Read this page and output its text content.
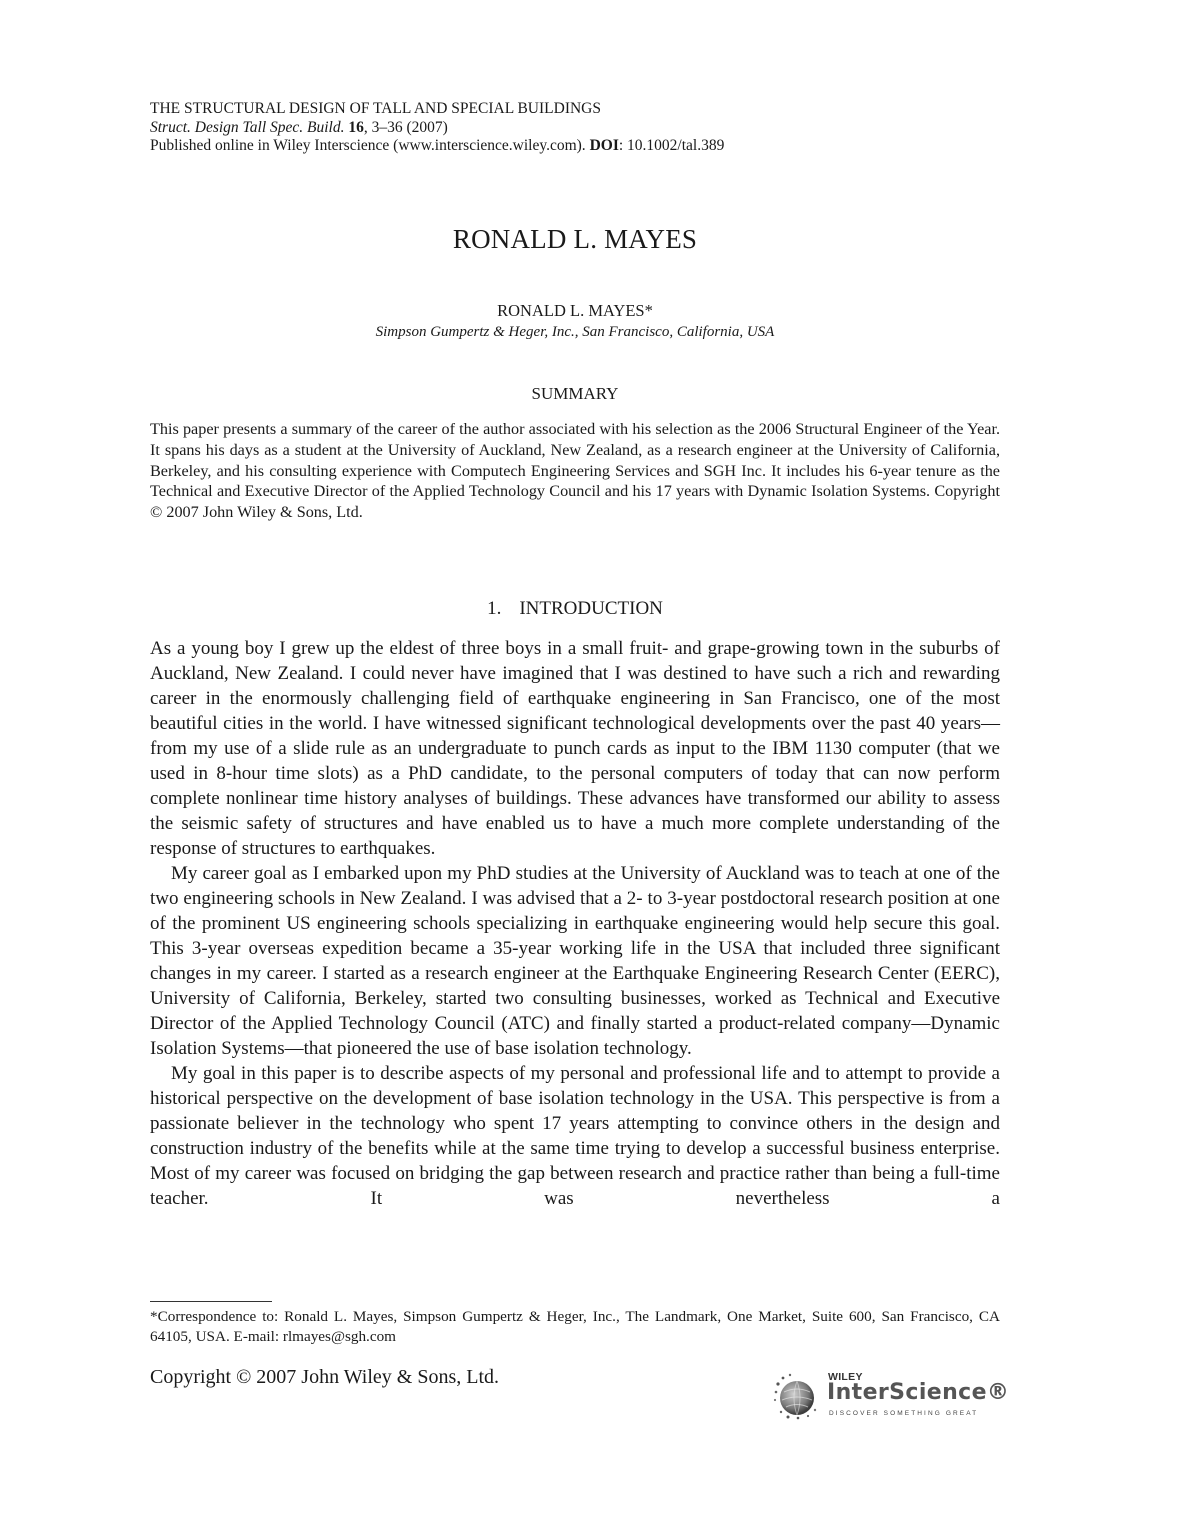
THE STRUCTURAL DESIGN OF TALL AND SPECIAL BUILDINGS
Struct. Design Tall Spec. Build. 16, 3–36 (2007)
Published online in Wiley Interscience (www.interscience.wiley.com). DOI: 10.1002/tal.389
RONALD L. MAYES
RONALD L. MAYES*
Simpson Gumpertz & Heger, Inc., San Francisco, California, USA
SUMMARY
This paper presents a summary of the career of the author associated with his selection as the 2006 Structural Engineer of the Year. It spans his days as a student at the University of Auckland, New Zealand, as a research engineer at the University of California, Berkeley, and his consulting experience with Computech Engineering Services and SGH Inc. It includes his 6-year tenure as the Technical and Executive Director of the Applied Technology Council and his 17 years with Dynamic Isolation Systems. Copyright © 2007 John Wiley & Sons, Ltd.
1. INTRODUCTION

As a young boy I grew up the eldest of three boys in a small fruit- and grape-growing town in the suburbs of Auckland, New Zealand. I could never have imagined that I was destined to have such a rich and rewarding career in the enormously challenging field of earthquake engineering in San Francisco, one of the most beautiful cities in the world. I have witnessed significant technological developments over the past 40 years—from my use of a slide rule as an undergraduate to punch cards as input to the IBM 1130 computer (that we used in 8-hour time slots) as a PhD candidate, to the personal computers of today that can now perform complete nonlinear time history analyses of buildings. These advances have transformed our ability to assess the seismic safety of structures and have enabled us to have a much more complete understanding of the response of structures to earthquakes.

My career goal as I embarked upon my PhD studies at the University of Auckland was to teach at one of the two engineering schools in New Zealand. I was advised that a 2- to 3-year postdoctoral research position at one of the prominent US engineering schools specializing in earthquake engineering would help secure this goal. This 3-year overseas expedition became a 35-year working life in the USA that included three significant changes in my career. I started as a research engineer at the Earthquake Engineering Research Center (EERC), University of California, Berkeley, started two consulting businesses, worked as Technical and Executive Director of the Applied Technology Council (ATC) and finally started a product-related company—Dynamic Isolation Systems—that pioneered the use of base isolation technology.

My goal in this paper is to describe aspects of my personal and professional life and to attempt to provide a historical perspective on the development of base isolation technology in the USA. This perspective is from a passionate believer in the technology who spent 17 years attempting to convince others in the design and construction industry of the benefits while at the same time trying to develop a successful business enterprise. Most of my career was focused on bridging the gap between research and practice rather than being a full-time teacher. It was nevertheless a

*Correspondence to: Ronald L. Mayes, Simpson Gumpertz & Heger, Inc., The Landmark, One Market, Suite 600, San Francisco, CA 64105, USA. E-mail: rlmayes@sgh.com
Copyright © 2007 John Wiley & Sons, Ltd.	WILEY
InterScience®
DISCOVER SOMETHING GREAT
